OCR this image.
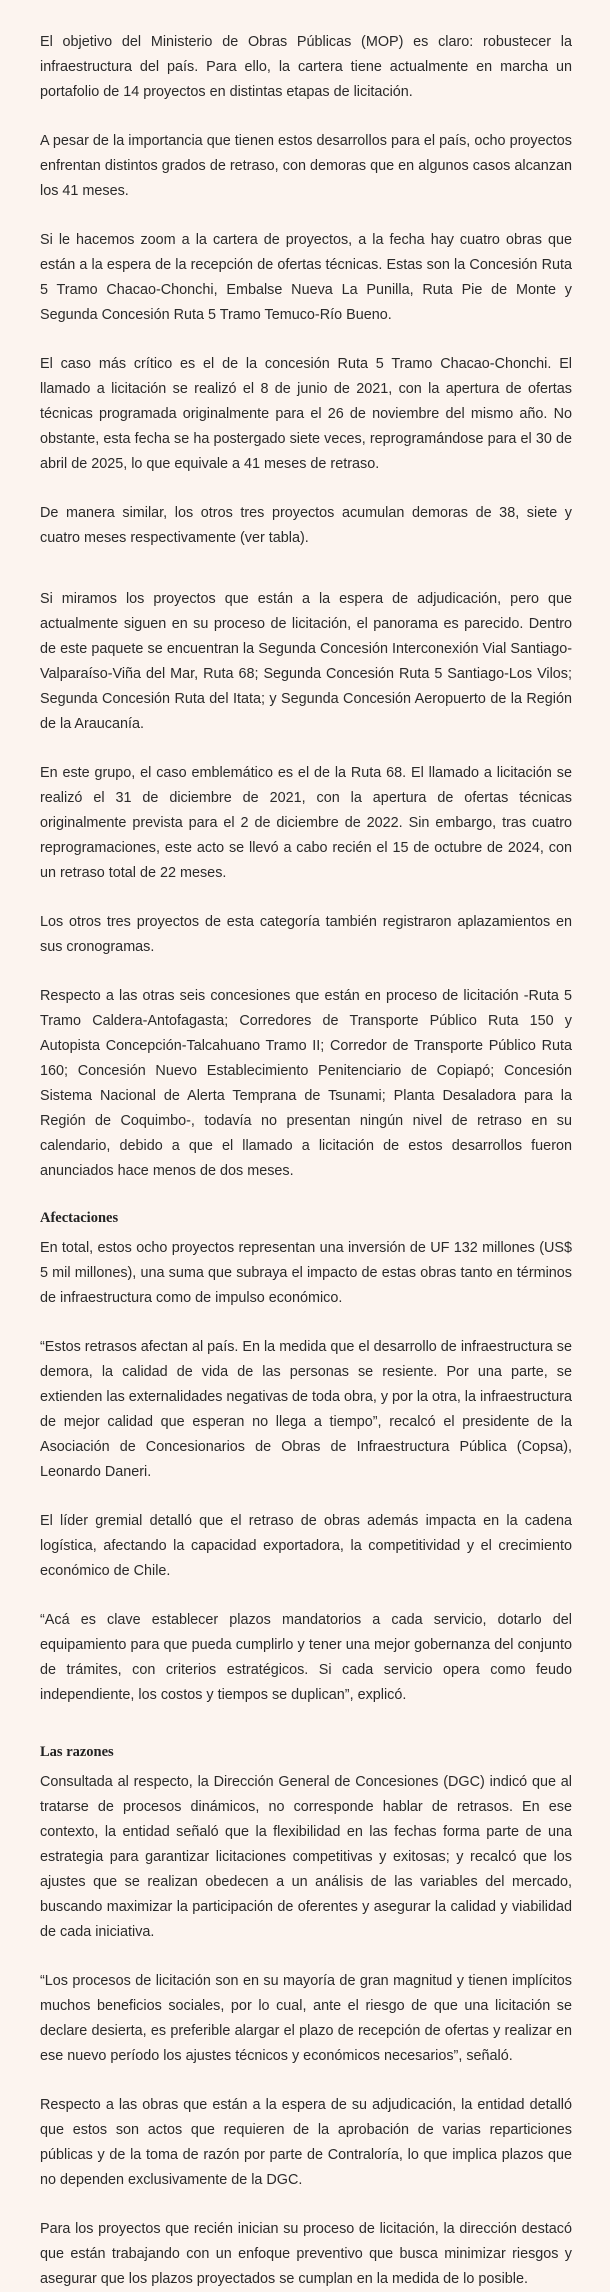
El objetivo del Ministerio de Obras Públicas (MOP) es claro: robustecer la infraestructura del país. Para ello, la cartera tiene actualmente en marcha un portafolio de 14 proyectos en distintas etapas de licitación.

A pesar de la importancia que tienen estos desarrollos para el país, ocho proyectos enfrentan distintos grados de retraso, con demoras que en algunos casos alcanzan los 41 meses.

Si le hacemos zoom a la cartera de proyectos, a la fecha hay cuatro obras que están a la espera de la recepción de ofertas técnicas. Estas son la Concesión Ruta 5 Tramo Chacao-Chonchi, Embalse Nueva La Punilla, Ruta Pie de Monte y Segunda Concesión Ruta 5 Tramo Temuco-Río Bueno.

El caso más crítico es el de la concesión Ruta 5 Tramo Chacao-Chonchi. El llamado a licitación se realizó el 8 de junio de 2021, con la apertura de ofertas técnicas programada originalmente para el 26 de noviembre del mismo año. No obstante, esta fecha se ha postergado siete veces, reprogramándose para el 30 de abril de 2025, lo que equivale a 41 meses de retraso.

De manera similar, los otros tres proyectos acumulan demoras de 38, siete y cuatro meses respectivamente (ver tabla).

Si miramos los proyectos que están a la espera de adjudicación, pero que actualmente siguen en su proceso de licitación, el panorama es parecido. Dentro de este paquete se encuentran la Segunda Concesión Interconexión Vial Santiago-Valparaíso-Viña del Mar, Ruta 68; Segunda Concesión Ruta 5 Santiago-Los Vilos; Segunda Concesión Ruta del Itata; y Segunda Concesión Aeropuerto de la Región de la Araucanía.

En este grupo, el caso emblemático es el de la Ruta 68. El llamado a licitación se realizó el 31 de diciembre de 2021, con la apertura de ofertas técnicas originalmente prevista para el 2 de diciembre de 2022. Sin embargo, tras cuatro reprogramaciones, este acto se llevó a cabo recién el 15 de octubre de 2024, con un retraso total de 22 meses.

Los otros tres proyectos de esta categoría también registraron aplazamientos en sus cronogramas.

Respecto a las otras seis concesiones que están en proceso de licitación -Ruta 5 Tramo Caldera-Antofagasta; Corredores de Transporte Público Ruta 150 y Autopista Concepción-Talcahuano Tramo II; Corredor de Transporte Público Ruta 160; Concesión Nuevo Establecimiento Penitenciario de Copiapó; Concesión Sistema Nacional de Alerta Temprana de Tsunami; Planta Desaladora para la Región de Coquimbo-, todavía no presentan ningún nivel de retraso en su calendario, debido a que el llamado a licitación de estos desarrollos fueron anunciados hace menos de dos meses.

Afectaciones

En total, estos ocho proyectos representan una inversión de UF 132 millones (US$ 5 mil millones), una suma que subraya el impacto de estas obras tanto en términos de infraestructura como de impulso económico.

“Estos retrasos afectan al país. En la medida que el desarrollo de infraestructura se demora, la calidad de vida de las personas se resiente. Por una parte, se extienden las externalidades negativas de toda obra, y por la otra, la infraestructura de mejor calidad que esperan no llega a tiempo”, recalcó el presidente de la Asociación de Concesionarios de Obras de Infraestructura Pública (Copsa), Leonardo Daneri.

El líder gremial detalló que el retraso de obras además impacta en la cadena logística, afectando la capacidad exportadora, la competitividad y el crecimiento económico de Chile.

“Acá es clave establecer plazos mandatorios a cada servicio, dotarlo del equipamiento para que pueda cumplirlo y tener una mejor gobernanza del conjunto de trámites, con criterios estratégicos. Si cada servicio opera como feudo independiente, los costos y tiempos se duplican”, explicó.

Las razones

Consultada al respecto, la Dirección General de Concesiones (DGC) indicó que al tratarse de procesos dinámicos, no corresponde hablar de retrasos. En ese contexto, la entidad señaló que la flexibilidad en las fechas forma parte de una estrategia para garantizar licitaciones competitivas y exitosas; y recalcó que los ajustes que se realizan obedecen a un análisis de las variables del mercado, buscando maximizar la participación de oferentes y asegurar la calidad y viabilidad de cada iniciativa.

“Los procesos de licitación son en su mayoría de gran magnitud y tienen implícitos muchos beneficios sociales, por lo cual, ante el riesgo de que una licitación se declare desierta, es preferible alargar el plazo de recepción de ofertas y realizar en ese nuevo período los ajustes técnicos y económicos necesarios”, señaló.

Respecto a las obras que están a la espera de su adjudicación, la entidad detalló que estos son actos que requieren de la aprobación de varias reparticiones públicas y de la toma de razón por parte de Contraloría, lo que implica plazos que no dependen exclusivamente de la DGC.

Para los proyectos que recién inician su proceso de licitación, la dirección destacó que están trabajando con un enfoque preventivo que busca minimizar riesgos y asegurar que los plazos proyectados se cumplan en la medida de lo posible.
